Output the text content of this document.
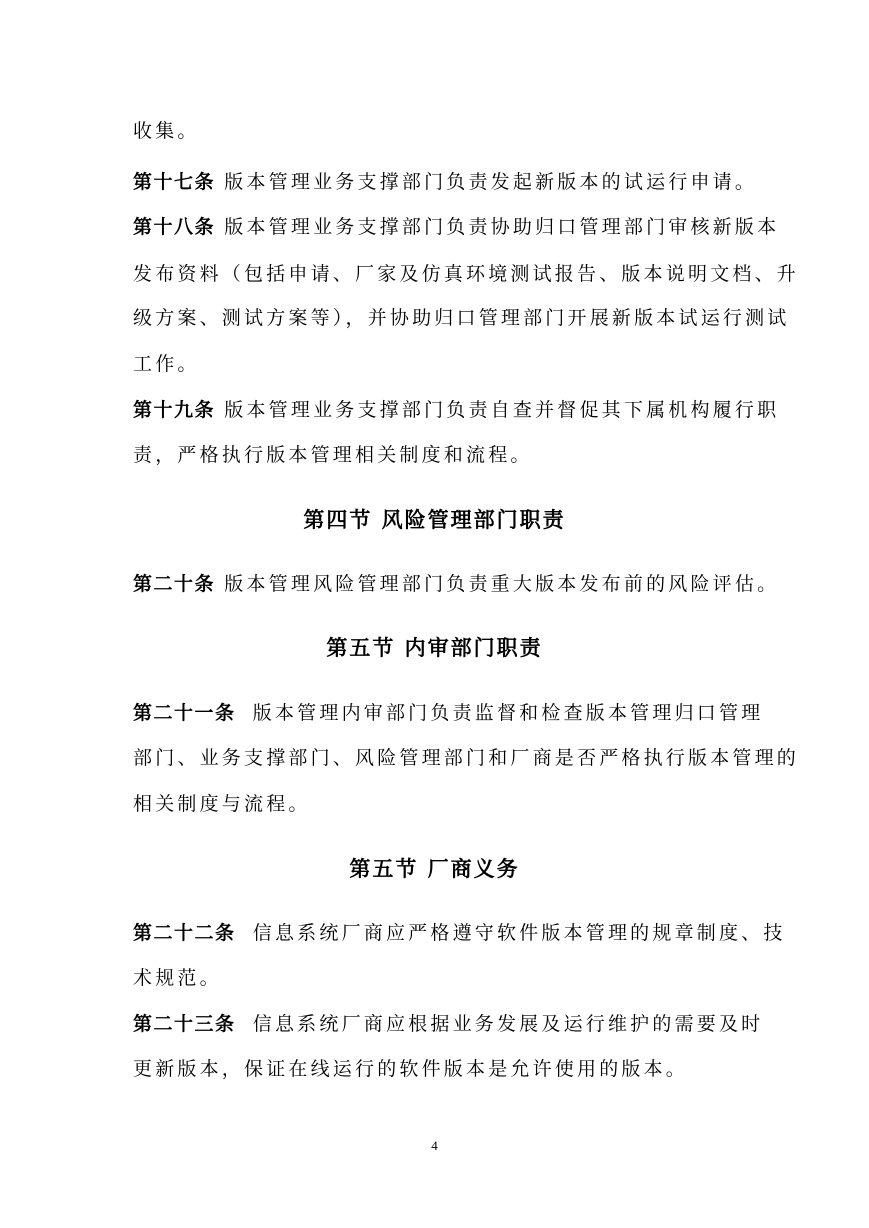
收集。
第十七条 版本管理业务支撑部门负责发起新版本的试运行申请。
第十八条 版本管理业务支撑部门负责协助归口管理部门审核新版本
发布资料（包括申请、厂家及仿真环境测试报告、版本说明文档、升
级方案、测试方案等），并协助归口管理部门开展新版本试运行测试
工作。
第十九条 版本管理业务支撑部门负责自查并督促其下属机构履行职
责，严格执行版本管理相关制度和流程。
第四节 风险管理部门职责
第二十条 版本管理风险管理部门负责重大版本发布前的风险评估。
第五节 内审部门职责
第二十一条 版本管理内审部门负责监督和检查版本管理归口管理
部门、业务支撑部门、风险管理部门和厂商是否严格执行版本管理的
相关制度与流程。
第五节 厂商义务
第二十二条 信息系统厂商应严格遵守软件版本管理的规章制度、技
术规范。
第二十三条 信息系统厂商应根据业务发展及运行维护的需要及时
更新版本，保证在线运行的软件版本是允许使用的版本。
4
